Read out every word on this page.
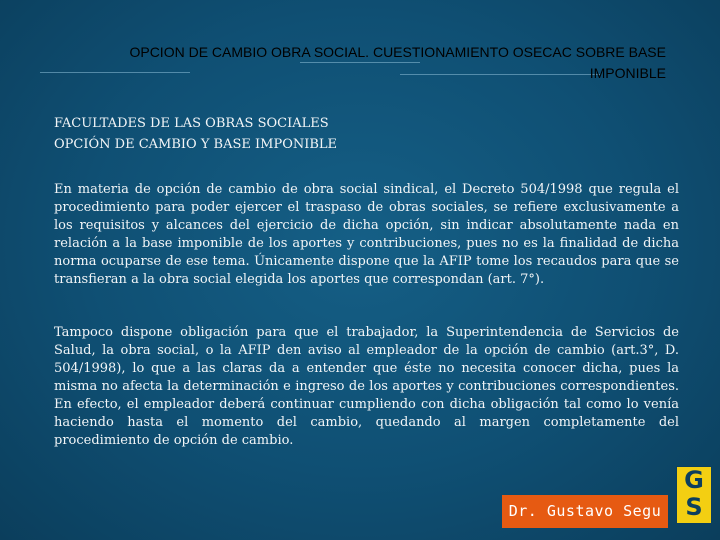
OPCION DE CAMBIO OBRA SOCIAL. CUESTIONAMIENTO OSECAC SOBRE BASE IMPONIBLE
FACULTADES DE LAS OBRAS SOCIALES
OPCIÓN DE CAMBIO Y BASE IMPONIBLE

En materia de opción de cambio de obra social sindical, el Decreto 504/1998 que regula el procedimiento para poder ejercer el traspaso de obras sociales, se refiere exclusivamente a los requisitos y alcances del ejercicio de dicha opción, sin indicar absolutamente nada en relación a la base imponible de los aportes y contribuciones, pues no es la finalidad de dicha norma ocuparse de ese tema. Únicamente dispone que la AFIP tome los recaudos para que se transfieran a la obra social elegida los aportes que correspondan (art. 7°).

Tampoco dispone obligación para que el trabajador, la Superintendencia de Servicios de Salud, la obra social, o la AFIP den aviso al empleador de la opción de cambio (art.3°, D. 504/1998), lo que a las claras da a entender que éste no necesita conocer dicha, pues la misma no afecta la determinación e ingreso de los aportes y contribuciones correspondientes. En efecto, el empleador deberá continuar cumpliendo con dicha obligación tal como lo venía haciendo hasta el momento del cambio, quedando al margen completamente del procedimiento de opción de cambio.

Dr. Gustavo Segu
G
S
